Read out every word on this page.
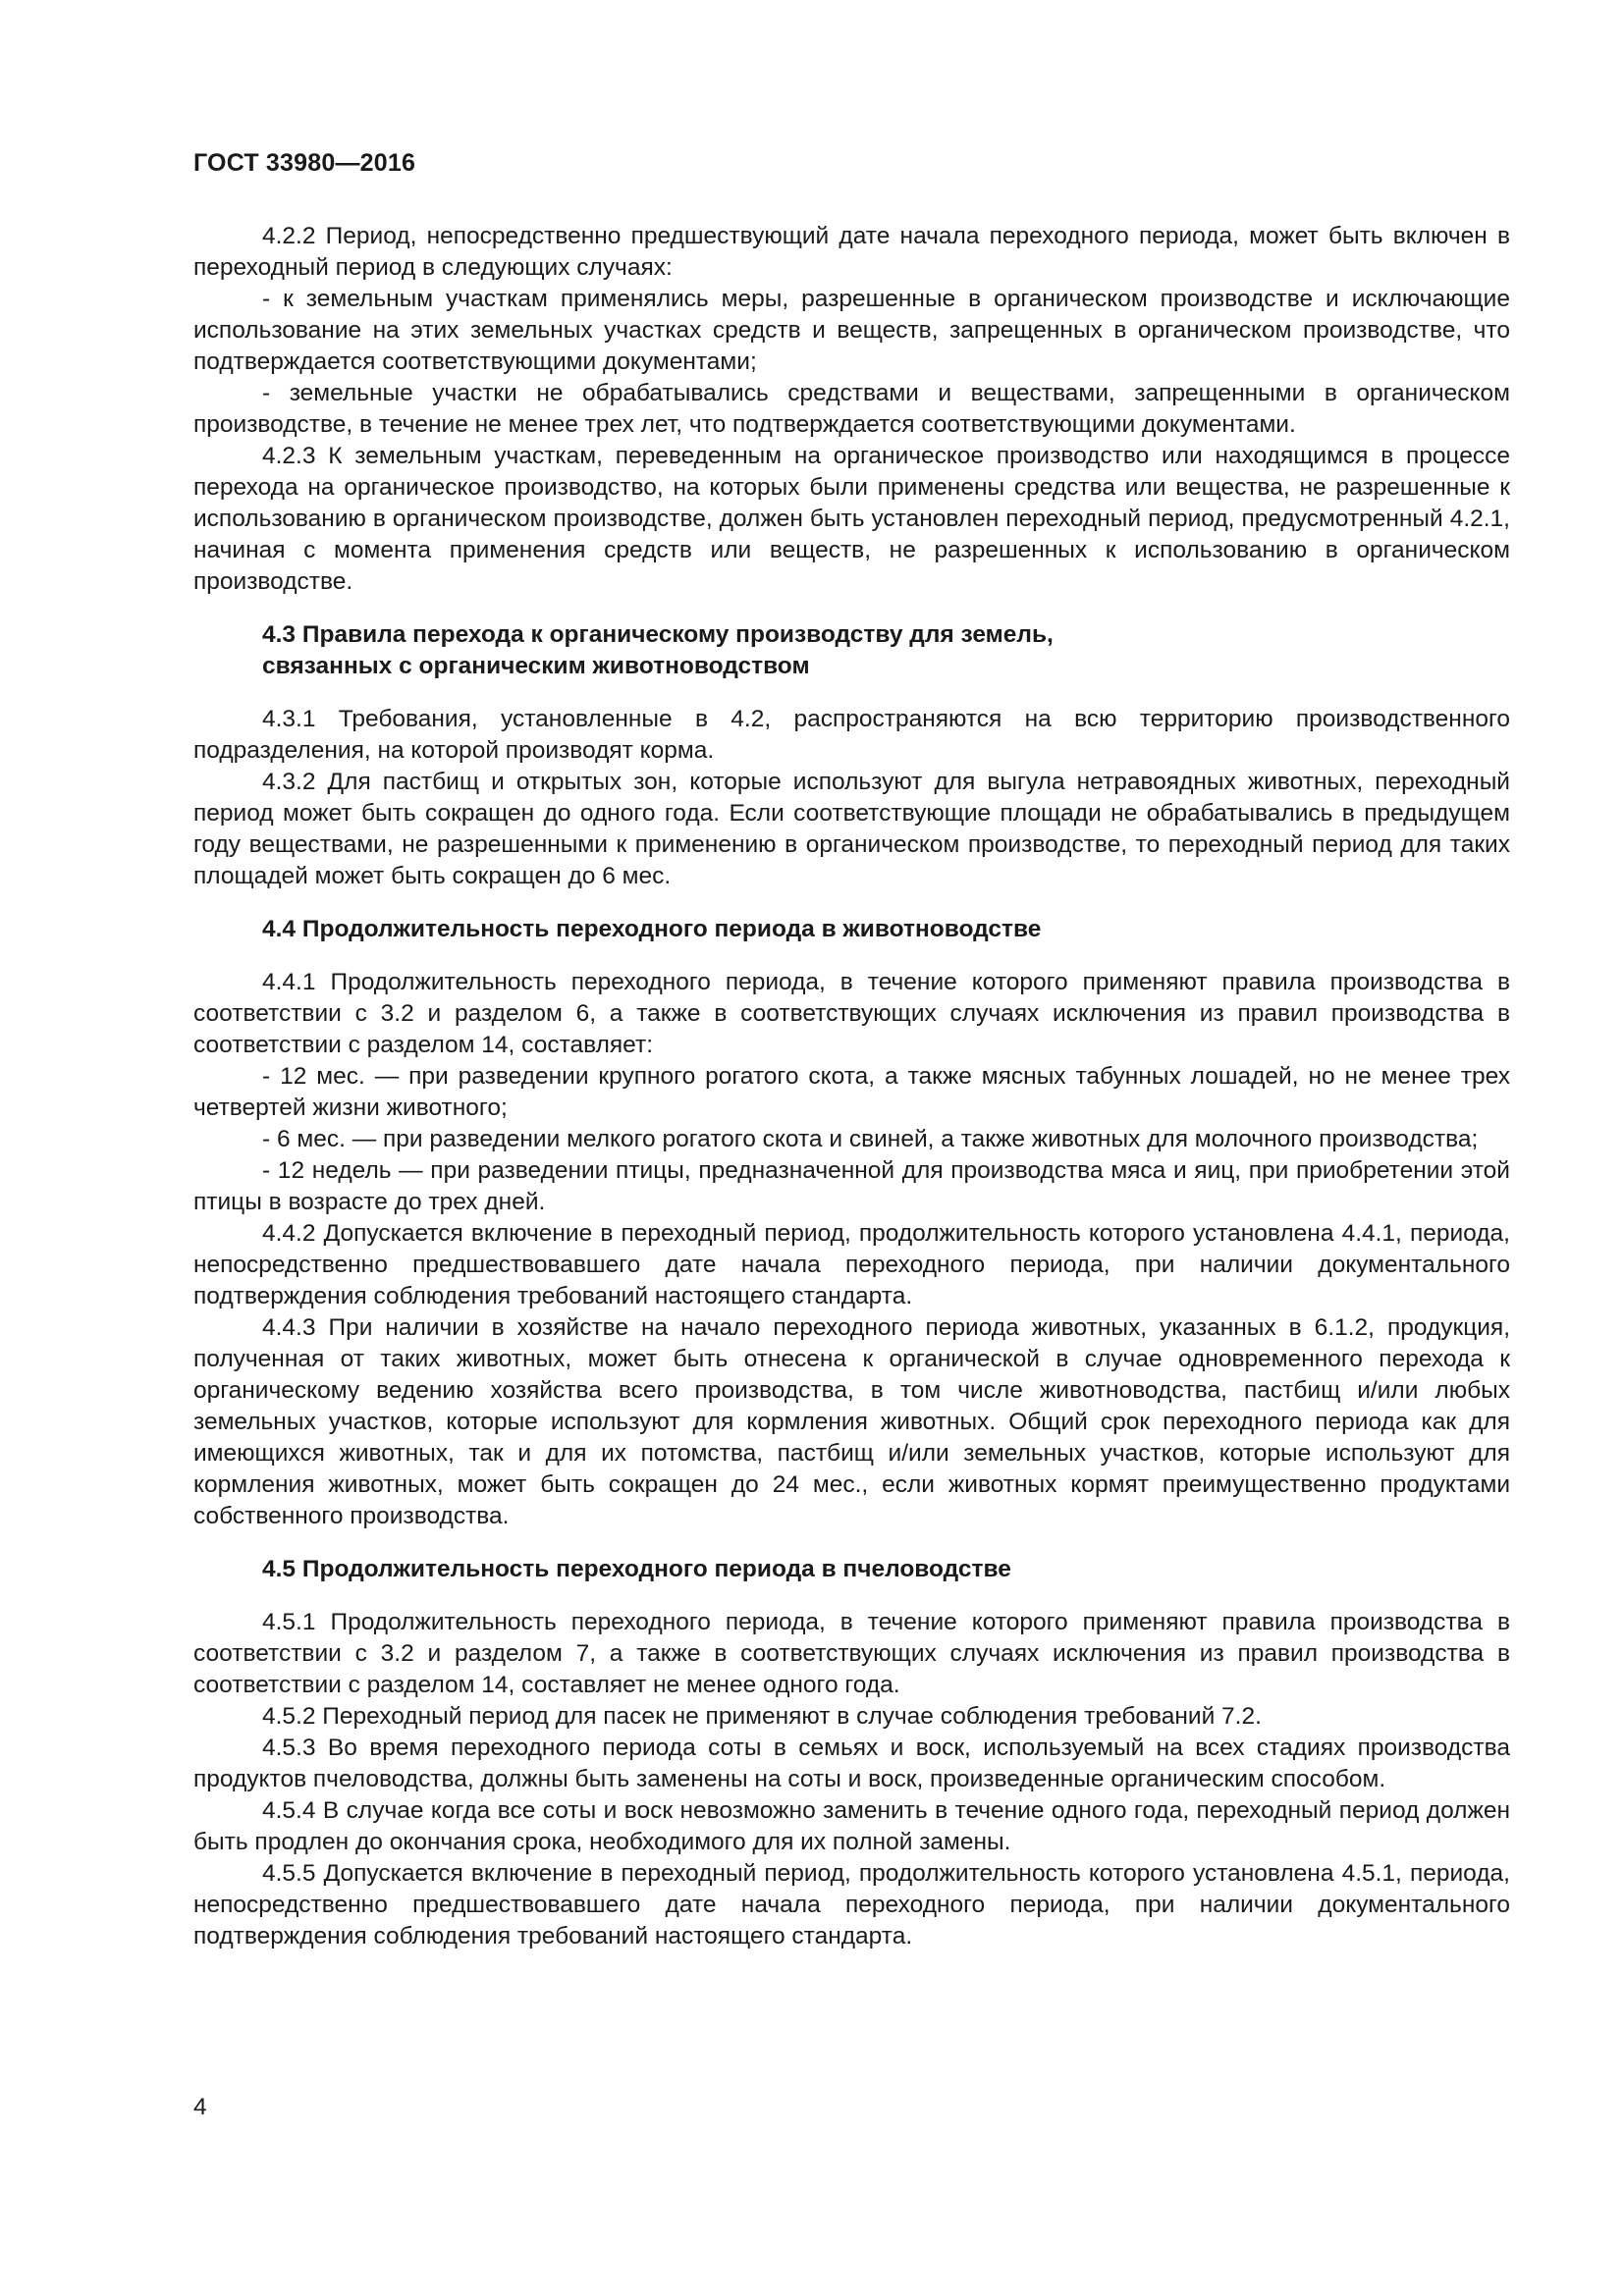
ГОСТ 33980—2016

4.2.2 Период, непосредственно предшествующий дате начала переходного периода, может быть включен в переходный период в следующих случаях:

- к земельным участкам применялись меры, разрешенные в органическом производстве и исключающие использование на этих земельных участках средств и веществ, запрещенных в органическом производстве, что подтверждается соответствующими документами;

- земельные участки не обрабатывались средствами и веществами, запрещенными в органическом производстве, в течение не менее трех лет, что подтверждается соответствующими документами.

4.2.3 К земельным участкам, переведенным на органическое производство или находящимся в процессе перехода на органическое производство, на которых были применены средства или вещества, не разрешенные к использованию в органическом производстве, должен быть установлен переходный период, предусмотренный 4.2.1, начиная с момента применения средств или веществ, не разрешенных к использованию в органическом производстве.

4.3 Правила перехода к органическому производству для земель,
связанных с органическим животноводством

4.3.1 Требования, установленные в 4.2, распространяются на всю территорию производственного подразделения, на которой производят корма.

4.3.2 Для пастбищ и открытых зон, которые используют для выгула нетравоядных животных, переходный период может быть сокращен до одного года. Если соответствующие площади не обрабатывались в предыдущем году веществами, не разрешенными к применению в органическом производстве, то переходный период для таких площадей может быть сокращен до 6 мес.

4.4 Продолжительность переходного периода в животноводстве

4.4.1 Продолжительность переходного периода, в течение которого применяют правила производства в соответствии с 3.2 и разделом 6, а также в соответствующих случаях исключения из правил производства в соответствии с разделом 14, составляет:

- 12 мес. — при разведении крупного рогатого скота, а также мясных табунных лошадей, но не менее трех четвертей жизни животного;

- 6 мес. — при разведении мелкого рогатого скота и свиней, а также животных для молочного производства;

- 12 недель — при разведении птицы, предназначенной для производства мяса и яиц, при приобретении этой птицы в возрасте до трех дней.

4.4.2 Допускается включение в переходный период, продолжительность которого установлена 4.4.1, периода, непосредственно предшествовавшего дате начала переходного периода, при наличии документального подтверждения соблюдения требований настоящего стандарта.

4.4.3 При наличии в хозяйстве на начало переходного периода животных, указанных в 6.1.2, продукция, полученная от таких животных, может быть отнесена к органической в случае одновременного перехода к органическому ведению хозяйства всего производства, в том числе животноводства, пастбищ и/или любых земельных участков, которые используют для кормления животных. Общий срок переходного периода как для имеющихся животных, так и для их потомства, пастбищ и/или земельных участков, которые используют для кормления животных, может быть сокращен до 24 мес., если животных кормят преимущественно продуктами собственного производства.

4.5 Продолжительность переходного периода в пчеловодстве

4.5.1 Продолжительность переходного периода, в течение которого применяют правила производства в соответствии с 3.2 и разделом 7, а также в соответствующих случаях исключения из правил производства в соответствии с разделом 14, составляет не менее одного года.

4.5.2 Переходный период для пасек не применяют в случае соблюдения требований 7.2.

4.5.3 Во время переходного периода соты в семьях и воск, используемый на всех стадиях производства продуктов пчеловодства, должны быть заменены на соты и воск, произведенные органическим способом.

4.5.4 В случае когда все соты и воск невозможно заменить в течение одного года, переходный период должен быть продлен до окончания срока, необходимого для их полной замены.

4.5.5 Допускается включение в переходный период, продолжительность которого установлена 4.5.1, периода, непосредственно предшествовавшего дате начала переходного периода, при наличии документального подтверждения соблюдения требований настоящего стандарта.

4
